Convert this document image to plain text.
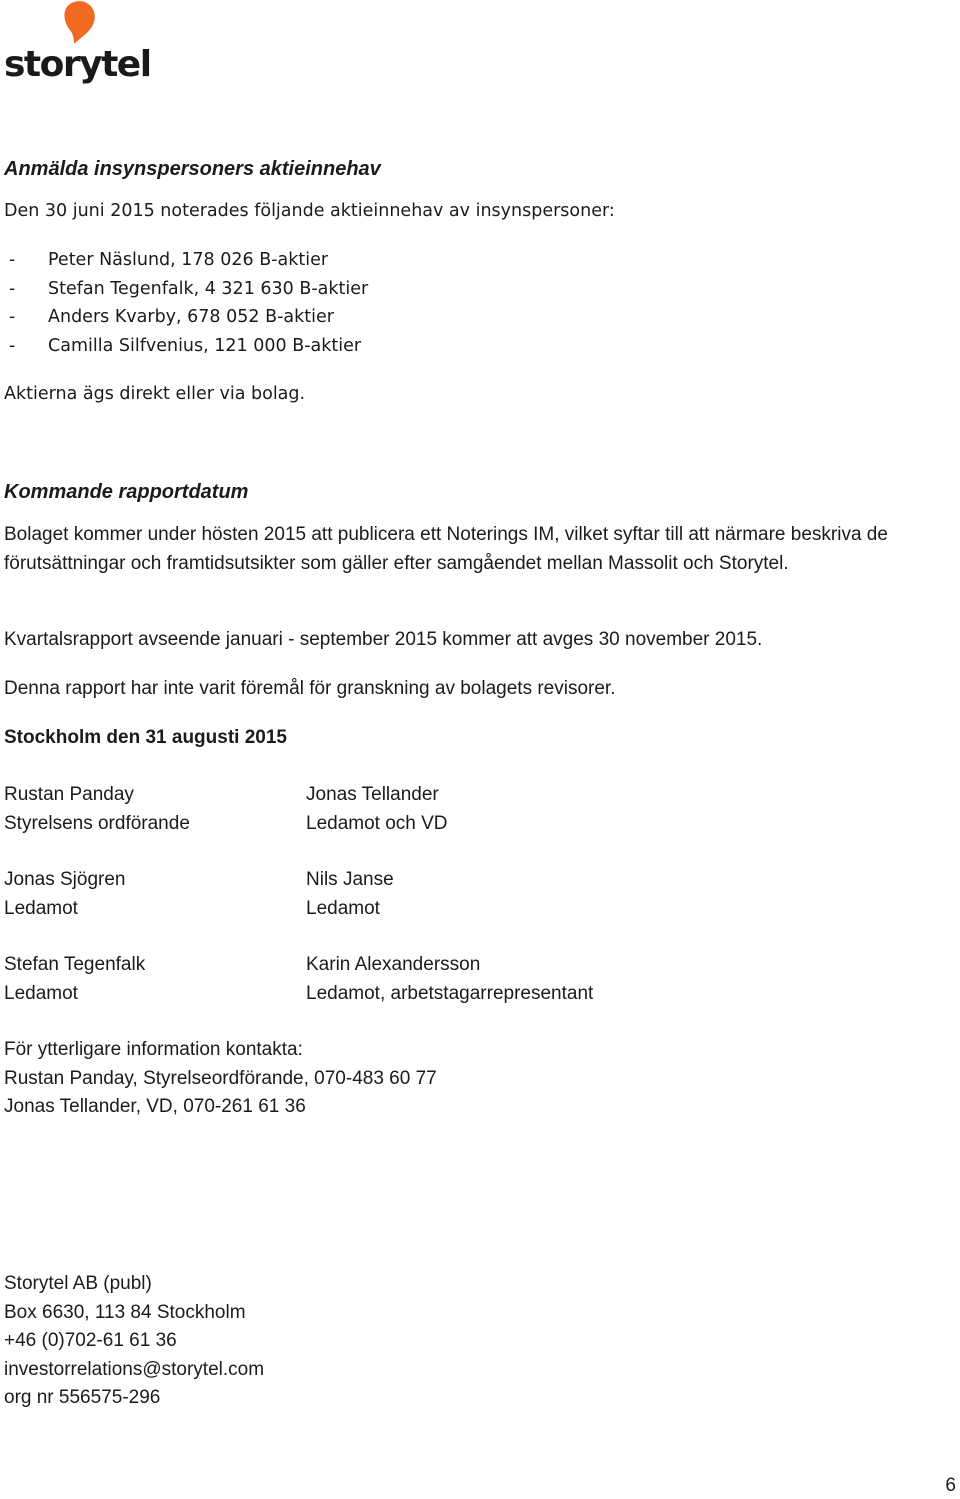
storytel
Anmälda insynspersoners aktieinnehav
Den 30 juni 2015 noterades följande aktieinnehav av insynspersoner:
- Peter Näslund, 178 026 B-aktier
- Stefan Tegenfalk, 4 321 630 B-aktier
- Anders Kvarby, 678 052 B-aktier
- Camilla Silfvenius, 121 000 B-aktier
Aktierna ägs direkt eller via bolag.
Kommande rapportdatum
Bolaget kommer under hösten 2015 att publicera ett Noterings IM, vilket syftar till att närmare beskriva de förutsättningar och framtidsutsikter som gäller efter samgåendet mellan Massolit och Storytel.
Kvartalsrapport avseende januari - september 2015 kommer att avges 30 november 2015.
Denna rapport har inte varit föremål för granskning av bolagets revisorer.
Stockholm den 31 augusti 2015
Rustan Panday
Styrelsens ordförande
Jonas Sjögren
Ledamot
Stefan Tegenfalk
Ledamot
Jonas Tellander
Ledamot och VD
Nils Janse
Ledamot
Karin Alexandersson
Ledamot, arbetstagarrepresentant
För ytterligare information kontakta:
Rustan Panday, Styrelseordförande, 070-483 60 77
Jonas Tellander, VD, 070-261 61 36
Storytel AB (publ)
Box 6630, 113 84 Stockholm
+46 (0)702-61 61 36
investorrelations@storytel.com
org nr 556575-296
6
